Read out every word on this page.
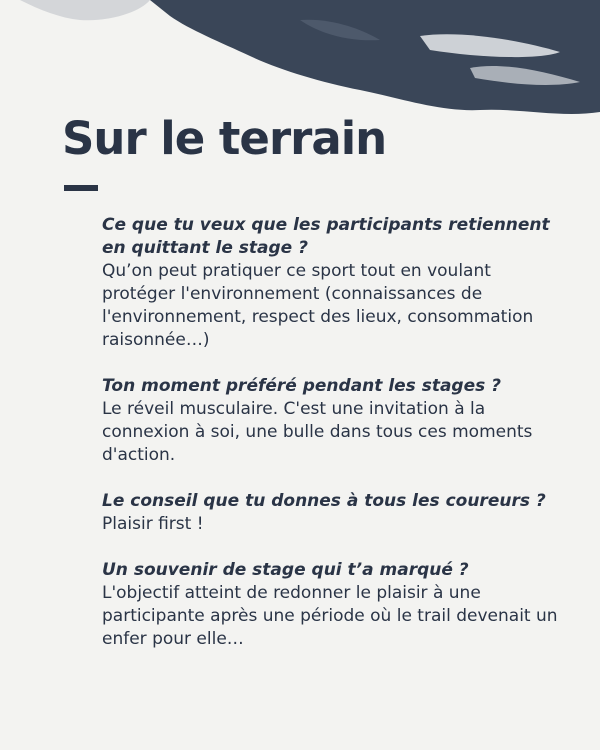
Sur le terrain

Ce que tu veux que les participants retiennent en quittant le stage ?
Qu’on peut pratiquer ce sport tout en voulant protéger l'environnement (connaissances de l'environnement, respect des lieux, consommation raisonnée…)

Ton moment préféré pendant les stages ?
Le réveil musculaire. C'est une invitation à la connexion à soi, une bulle dans tous ces moments d'action.

Le conseil que tu donnes à tous les coureurs ? Plaisir first !

Un souvenir de stage qui t’a marqué ?
L'objectif atteint de redonner le plaisir à une participante après une période où le trail devenait un enfer pour elle…
